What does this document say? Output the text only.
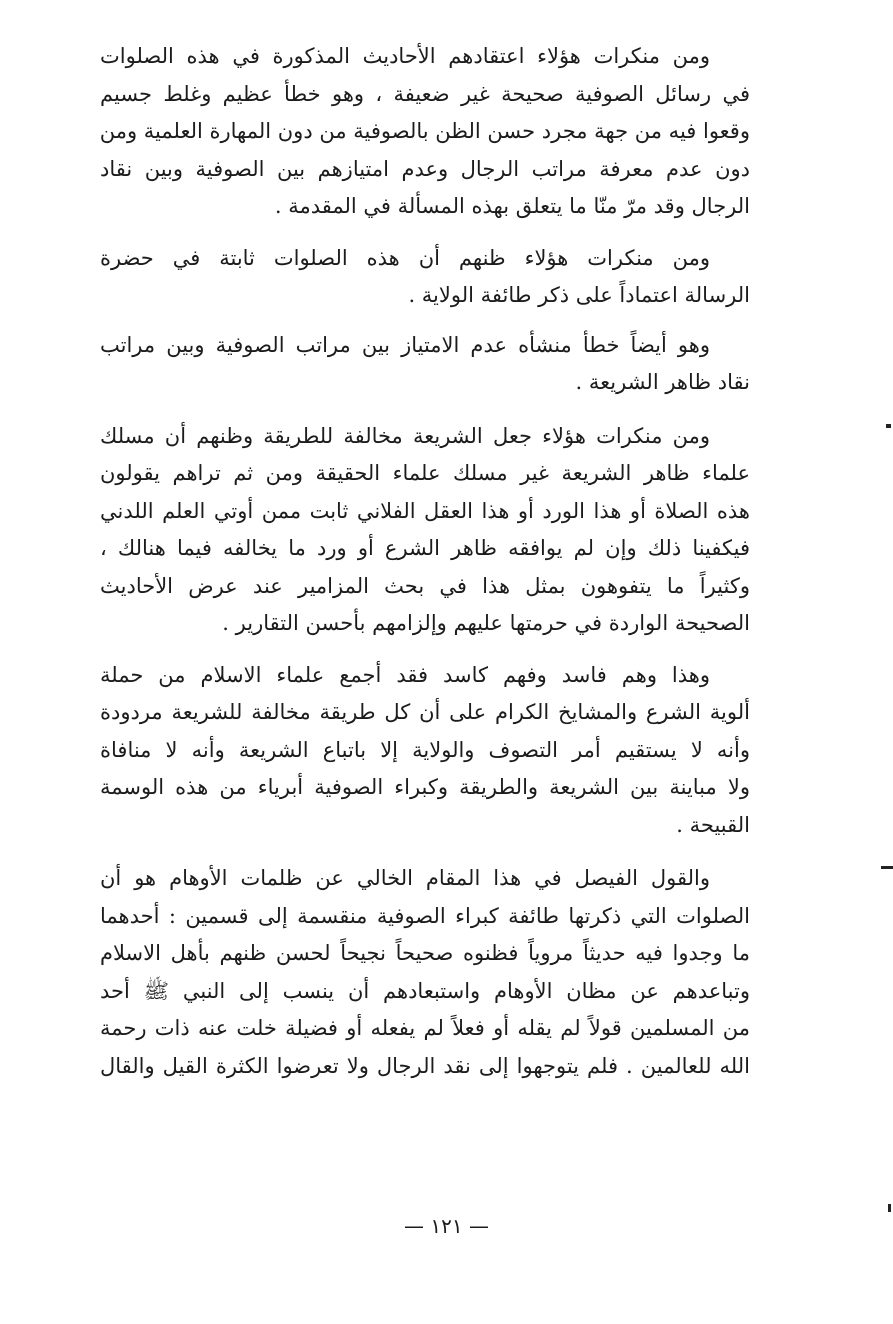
ومن منكرات هؤلاء اعتقادهم الأحاديث المذكورة في هذه الصلوات
في رسائل الصوفية صحيحة غير ضعيفة ، وهو خطأ عظيم وغلط جسيم
وقعوا فيه من جهة مجرد حسن الظن بالصوفية من دون المهارة العلمية ومن
دون عدم معرفة مراتب الرجال وعدم امتيازهم بين الصوفية وبين نقاد
الرجال وقد مرّ منّا ما يتعلق بهذه المسألة في المقدمة .
ومن منكرات هؤلاء ظنهم أن هذه الصلوات ثابتة في حضرة
الرسالة اعتماداً على ذكر طائفة الولاية .
وهو أيضاً خطأ منشأه عدم الامتياز بين مراتب الصوفية وبين مراتب
نقاد ظاهر الشريعة .
ومن منكرات هؤلاء جعل الشريعة مخالفة للطريقة وظنهم أن مسلك
علماء ظاهر الشريعة غير مسلك علماء الحقيقة ومن ثم تراهم يقولون
هذه الصلاة أو هذا الورد أو هذا العقل الفلاني ثابت ممن أوتي العلم اللدني
فيكفينا ذلك وإن لم يوافقه ظاهر الشرع أو ورد ما يخالفه فيما هنالك ،
وكثيراً ما يتفوهون بمثل هذا في بحث المزامير عند عرض الأحاديث
الصحيحة الواردة في حرمتها عليهم وإلزامهم بأحسن التقارير .
وهذا وهم فاسد وفهم كاسد فقد أجمع علماء الاسلام من حملة
ألوية الشرع والمشايخ الكرام على أن كل طريقة مخالفة للشريعة مردودة
وأنه لا يستقيم أمر التصوف والولاية إلا باتباع الشريعة وأنه لا منافاة
ولا مباينة بين الشريعة والطريقة وكبراء الصوفية أبرياء من هذه الوسمة
القبيحة .
والقول الفيصل في هذا المقام الخالي عن ظلمات الأوهام هو أن
الصلوات التي ذكرتها طائفة كبراء الصوفية منقسمة إلى قسمين : أحدهما
ما وجدوا فيه حديثاً مروياً فظنوه صحيحاً نجيحاً لحسن ظنهم بأهل الاسلام
وتباعدهم عن مظان الأوهام واستبعادهم أن ينسب إلى النبي ﷺ أحد
من المسلمين قولاً لم يقله أو فعلاً لم يفعله أو فضيلة خلت عنه ذات رحمة
الله للعالمين . فلم يتوجهوا إلى نقد الرجال ولا تعرضوا الكثرة القيل والقال
— ١٢١ —
